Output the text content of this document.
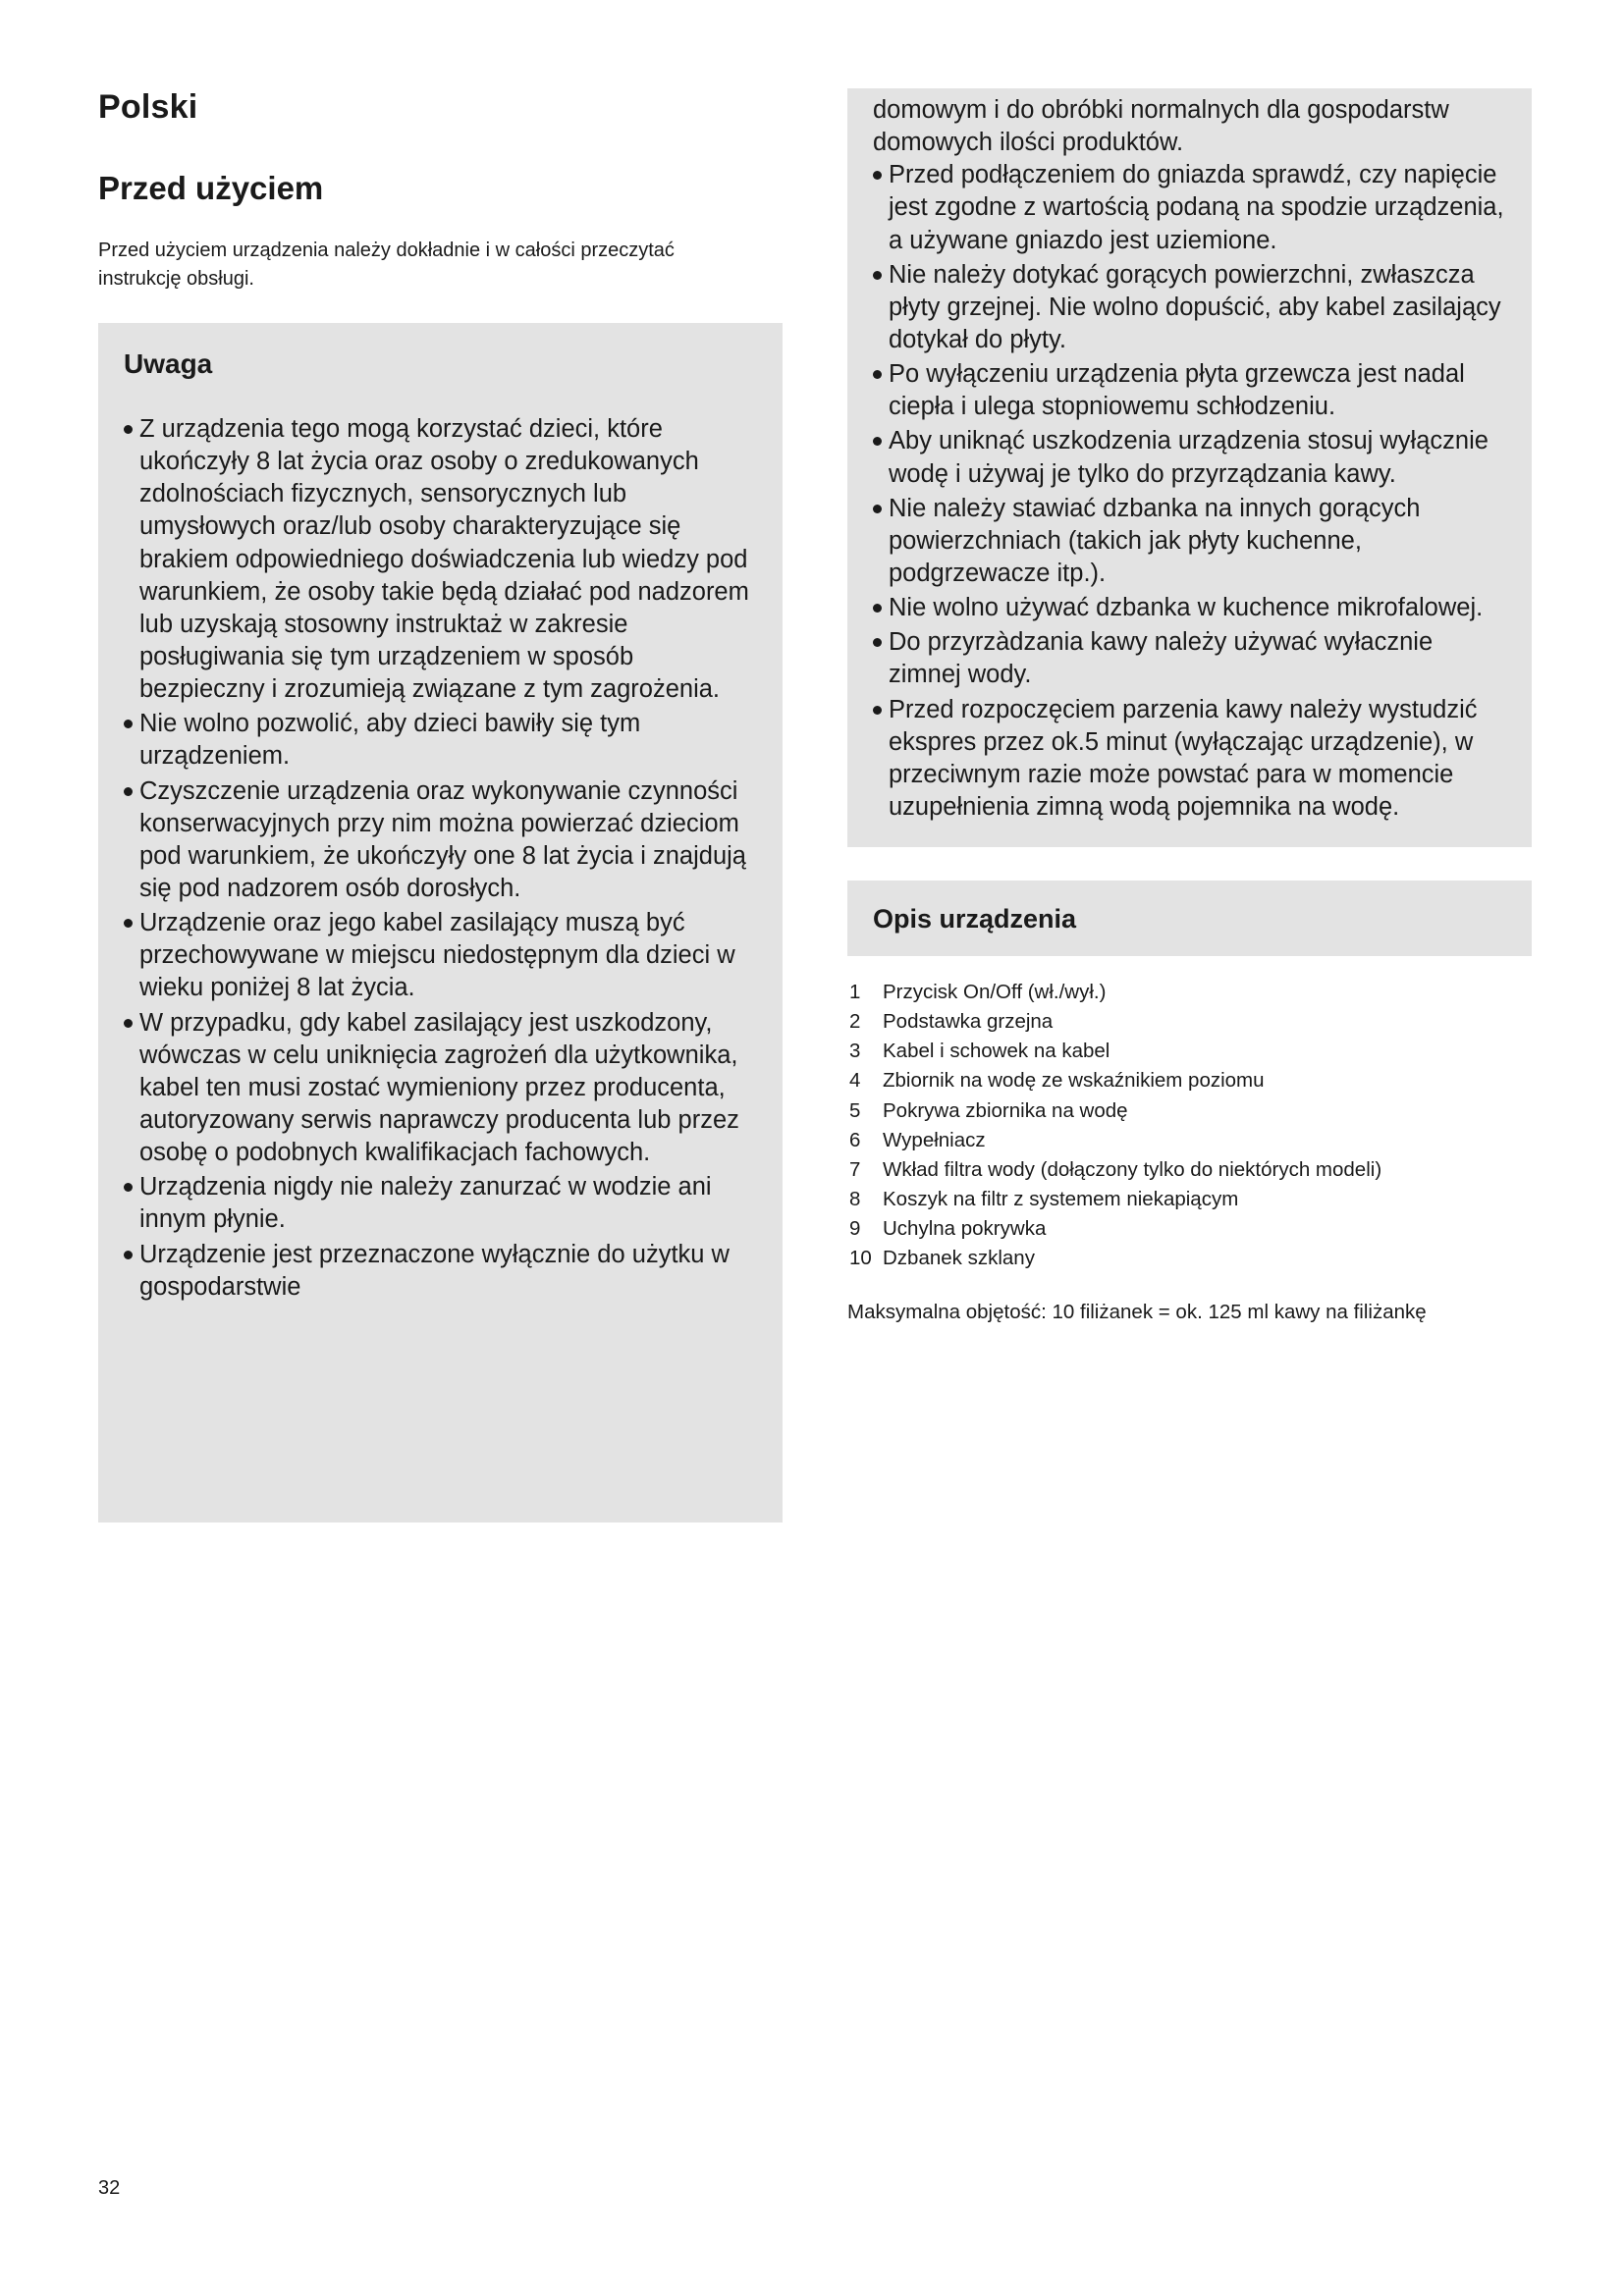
Polski
Przed użyciem

Przed użyciem urządzenia należy dokładnie i w całości przeczytać instrukcję obsługi.

Uwaga
Z urządzenia tego mogą korzystać dzieci, które ukończyły 8 lat życia oraz osoby o zredukowanych zdolnościach fizycznych, sensorycznych lub umysłowych oraz/lub osoby charakteryzujące się brakiem odpowiedniego doświadczenia lub wiedzy pod warunkiem, że osoby takie będą działać pod nadzorem lub uzyskają stosowny instruktaż w zakresie posługiwania się tym urządzeniem w sposób bezpieczny i zrozumieją związane z tym zagrożenia.
Nie wolno pozwolić, aby dzieci bawiły się tym urządzeniem.
Czyszczenie urządzenia oraz wykonywanie czynności konserwacyjnych przy nim można powierzać dzieciom pod warunkiem, że ukończyły one 8 lat życia i znajdują się pod nadzorem osób dorosłych.
Urządzenie oraz jego kabel zasilający muszą być przechowywane w miejscu niedostępnym dla dzieci w wieku poniżej 8 lat życia.
W przypadku, gdy kabel zasilający jest uszkodzony, wówczas w celu uniknięcia zagrożeń dla użytkownika, kabel ten musi zostać wymieniony przez producenta, autoryzowany serwis naprawczy producenta lub przez osobę o podobnych kwalifikacjach fachowych.
Urządzenia nigdy nie należy zanurzać w wodzie ani innym płynie.
Urządzenie jest przeznaczone wyłącznie do użytku w gospodarstwie

domowym i do obróbki normalnych dla gospodarstw domowych ilości produktów.

Przed podłączeniem do gniazda sprawdź, czy napięcie jest zgodne z wartością podaną na spodzie urządzenia, a używane gniazdo jest uziemione.
Nie należy dotykać gorących powierzchni, zwłaszcza płyty grzejnej. Nie wolno dopuścić, aby kabel zasilający dotykał do płyty.
Po wyłączeniu urządzenia płyta grzewcza jest nadal ciepła i ulega stopniowemu schłodzeniu.
Aby uniknąć uszkodzenia urządzenia stosuj wyłącznie wodę i używaj je tylko do przyrządzania kawy.
Nie należy stawiać dzbanka na innych gorących powierzchniach (takich jak płyty kuchenne, podgrzewacze itp.).
Nie wolno używać dzbanka w kuchence mikrofalowej.
Do przyrzàdzania kawy należy używać wyłacznie zimnej wody.
Przed rozpoczęciem parzenia kawy należy wystudzić ekspres przez ok.5 minut (wyłączając urządzenie), w przeciwnym razie może powstać para w momencie uzupełnienia zimną wodą pojemnika na wodę.
Opis urządzenia
1	Przycisk On/Off (wł./wył.)
2	Podstawka grzejna
3	Kabel i schowek na kabel
4	Zbiornik na wodę ze wskaźnikiem poziomu
5	Pokrywa zbiornika na wodę
6	Wypełniacz
7	Wkład filtra wody (dołączony tylko do niektórych modeli)
8	Koszyk na filtr z systemem niekapiącym
9	Uchylna pokrywka
10 Dzbanek szklany
Maksymalna objętość: 10 filiżanek = ok. 125 ml kawy na filiżankę
32
